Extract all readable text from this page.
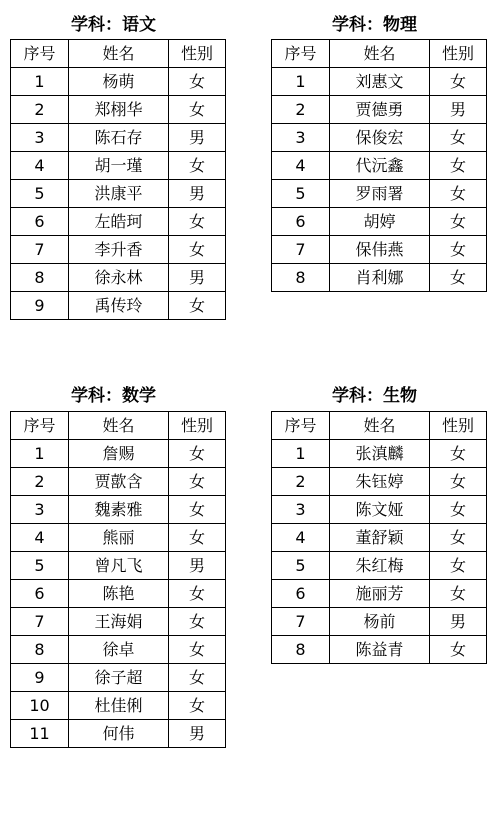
学科：语文
序号	姓名	性别
1	杨萌	女
2	郑栩华	女
3	陈石存	男
4	胡一瑾	女
5	洪康平	男
6	左皓珂	女
7	李升香	女
8	徐永林	男
9	禹传玲	女
学科：物理
序号	姓名	性别
1	刘惠文	女
2	贾德勇	男
3	保俊宏	女
4	代沅鑫	女
5	罗雨署	女
6	胡婷	女
7	保伟燕	女
8	肖利娜	女
学科：数学
序号	姓名	性别
1	詹赐	女
2	贾歖含	女
3	魏素雅	女
4	熊丽	女
5	曾凡飞	男
6	陈艳	女
7	王海娟	女
8	徐卓	女
9	徐子超	女
10	杜佳俐	女
11	何伟	男
学科：生物
序号	姓名	性别
1	张滇麟	女
2	朱钰婷	女
3	陈文娅	女
4	董舒颖	女
5	朱红梅	女
6	施丽芳	女
7	杨前	男
8	陈益青	女
